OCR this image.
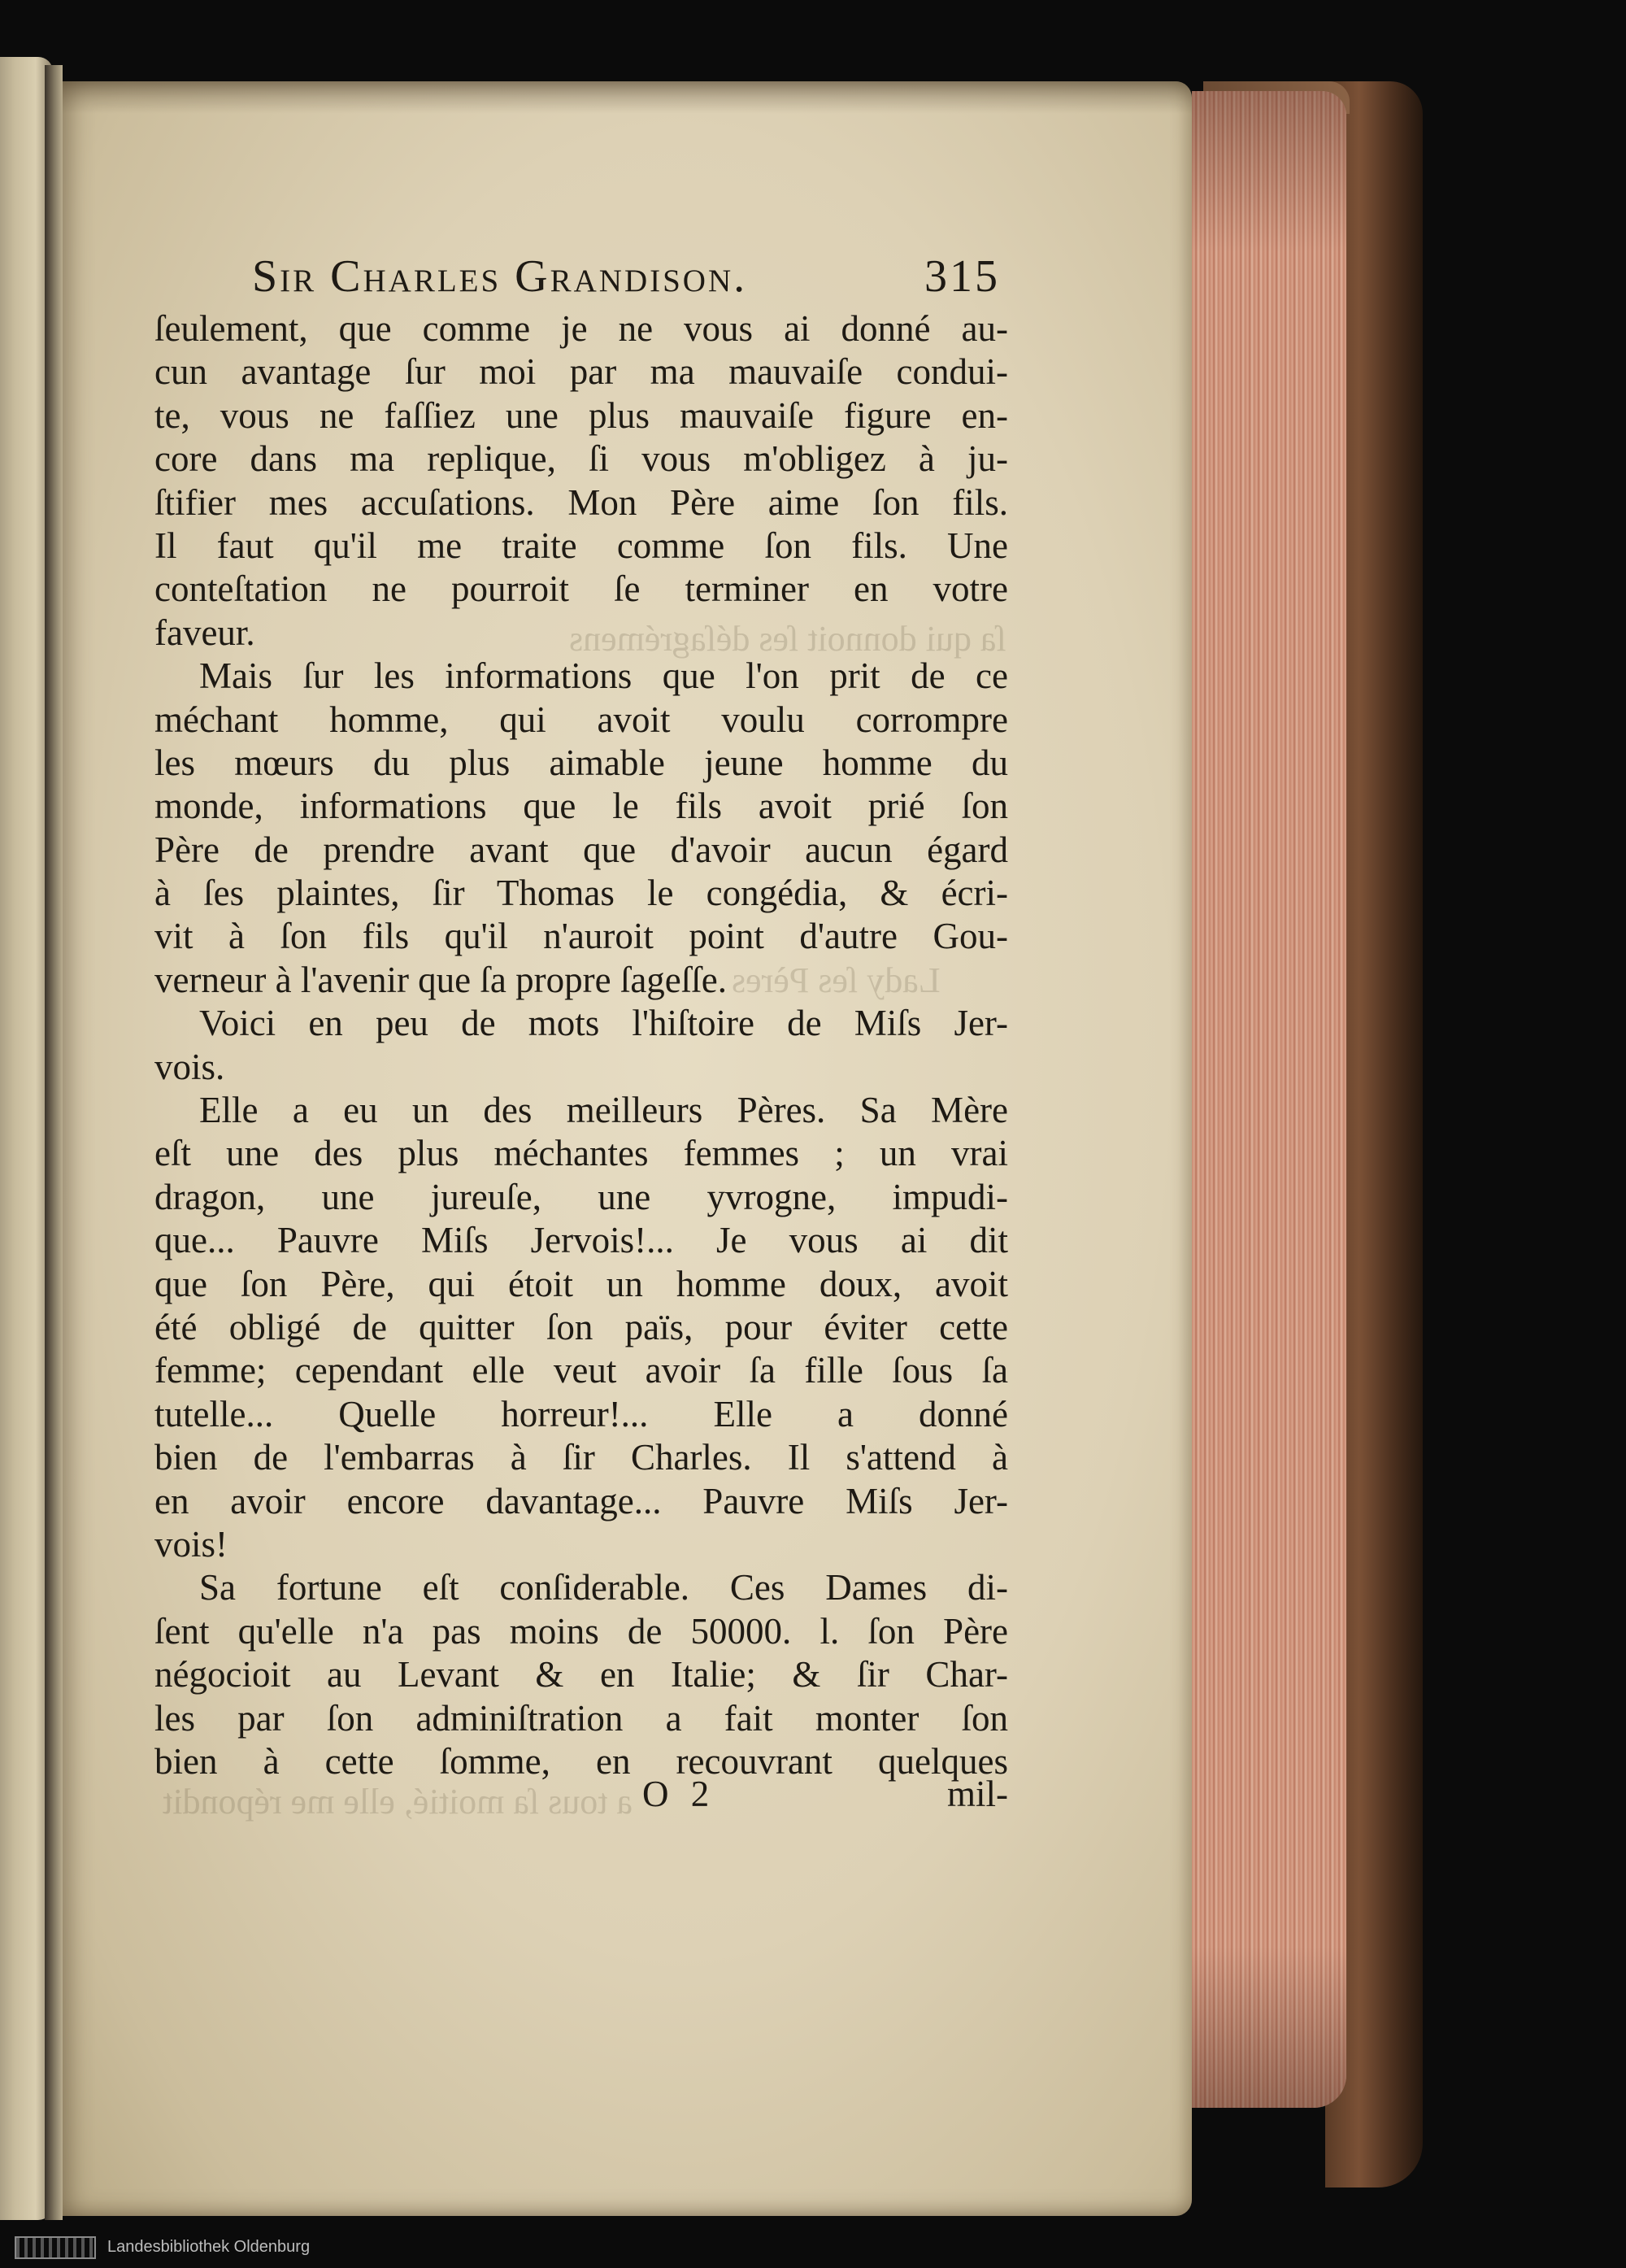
ſa qui donnoit ſes déſagrémens
Lady ſes Pères
a tous ſa moitié, elle me répondit
Sir Charles Grandison.	315
ſeulement, que comme je ne vous ai donné au-
cun avantage ſur moi par ma mauvaiſe condui-
te, vous ne faſſiez une plus mauvaiſe figure en-
core dans ma replique, ſi vous m'obligez à ju-
ſtifier mes accuſations. Mon Père aime ſon fils.
Il faut qu'il me traite comme ſon fils. Une
conteſtation ne pourroit ſe terminer en votre
faveur.
Mais ſur les informations que l'on prit de ce
méchant homme, qui avoit voulu corrompre
les mœurs du plus aimable jeune homme du
monde, informations que le fils avoit prié ſon
Père de prendre avant que d'avoir aucun égard
à ſes plaintes, ſir Thomas le congédia, & écri-
vit à ſon fils qu'il n'auroit point d'autre Gou-
verneur à l'avenir que ſa propre ſageſſe.
Voici en peu de mots l'hiſtoire de Miſs Jer-
vois.
Elle a eu un des meilleurs Pères. Sa Mère
eſt une des plus méchantes femmes ; un vrai
dragon, une jureuſe, une yvrogne, impudi-
que... Pauvre Miſs Jervois!... Je vous ai dit
que ſon Père, qui étoit un homme doux, avoit
été obligé de quitter ſon païs, pour éviter cette
femme; cependant elle veut avoir ſa fille ſous ſa
tutelle... Quelle horreur!... Elle a donné
bien de l'embarras à ſir Charles. Il s'attend à
en avoir encore davantage... Pauvre Miſs Jer-
vois!
Sa fortune eſt conſiderable. Ces Dames di-
ſent qu'elle n'a pas moins de 50000. l. ſon Père
négocioit au Levant & en Italie; & ſir Char-
les par ſon adminiſtration a fait monter ſon
bien à cette ſomme, en recouvrant quelques
O 2	mil-
Landesbibliothek Oldenburg
